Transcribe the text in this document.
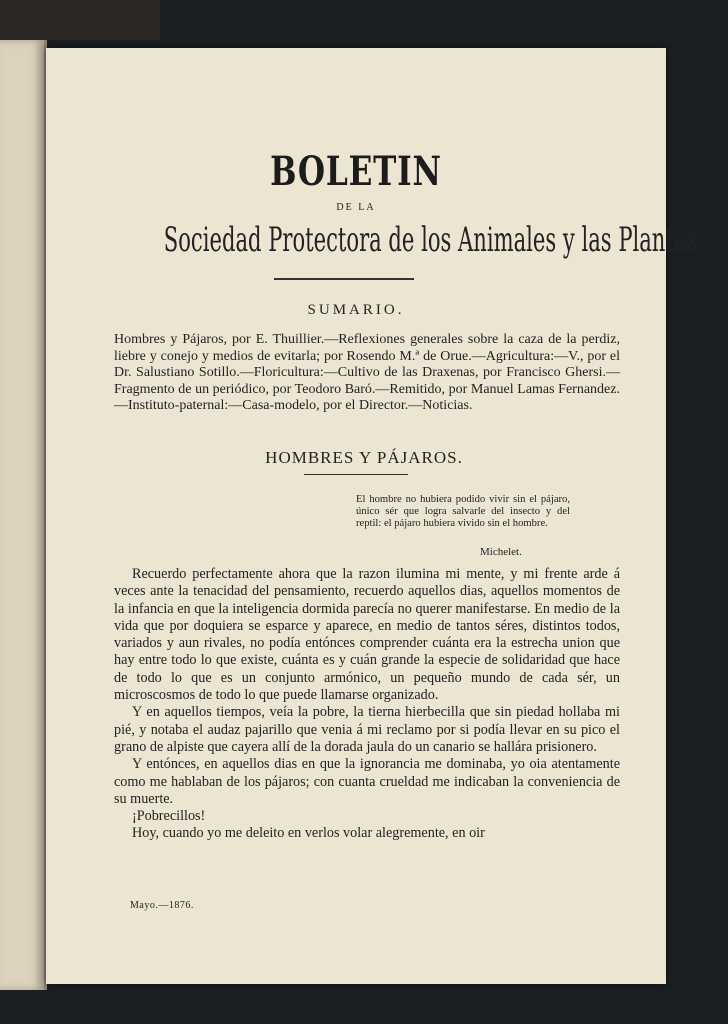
BOLETIN
DE LA
Sociedad Protectora de los Animales y las Plantas.
SUMARIO.
Hombres y Pájaros, por E. Thuillier.—Reflexiones generales sobre la caza de la perdiz, liebre y conejo y medios de evitarla; por Rosendo M.ª de Orue.—Agricultura:—V., por el Dr. Salustiano Sotillo.—Floricultura:—Cultivo de las Draxenas, por Francisco Ghersi.—Fragmento de un periódico, por Teodoro Baró.—Remitido, por Manuel Lamas Fernandez.—Instituto-paternal:—Casa-modelo, por el Director.—Noticias.
HOMBRES Y PÁJAROS.
El hombre no hubiera podido vivir sin el pájaro, único sér que logra salvarle del insecto y del reptil: el pájaro hubiera vivido sin el hombre.
Michelet.

Recuerdo perfectamente ahora que la razon ilumina mi mente, y mi frente arde á veces ante la tenacidad del pensamiento, recuerdo aquellos dias, aquellos momentos de la infancia en que la inteligencia dormida parecía no querer manifestarse. En medio de la vida que por doquiera se esparce y aparece, en medio de tantos séres, distintos todos, variados y aun rivales, no podía entónces comprender cuánta era la estrecha union que hay entre todo lo que existe, cuánta es y cuán grande la especie de solidaridad que hace de todo lo que es un conjunto armónico, un pequeño mundo de cada sér, un microscosmos de todo lo que puede llamarse organizado.

Y en aquellos tiempos, veía la pobre, la tierna hierbecilla que sin piedad hollaba mi pié, y notaba el audaz pajarillo que venia á mi reclamo por si podía llevar en su pico el grano de alpiste que cayera allí de la dorada jaula do un canario se hallára prisionero.

Y entónces, en aquellos dias en que la ignorancia me dominaba, yo oia atentamente como me hablaban de los pájaros; con cuanta crueldad me indicaban la conveniencia de su muerte.

¡Pobrecillos!

Hoy, cuando yo me deleito en verlos volar alegremente, en oir

Mayo.—1876.
